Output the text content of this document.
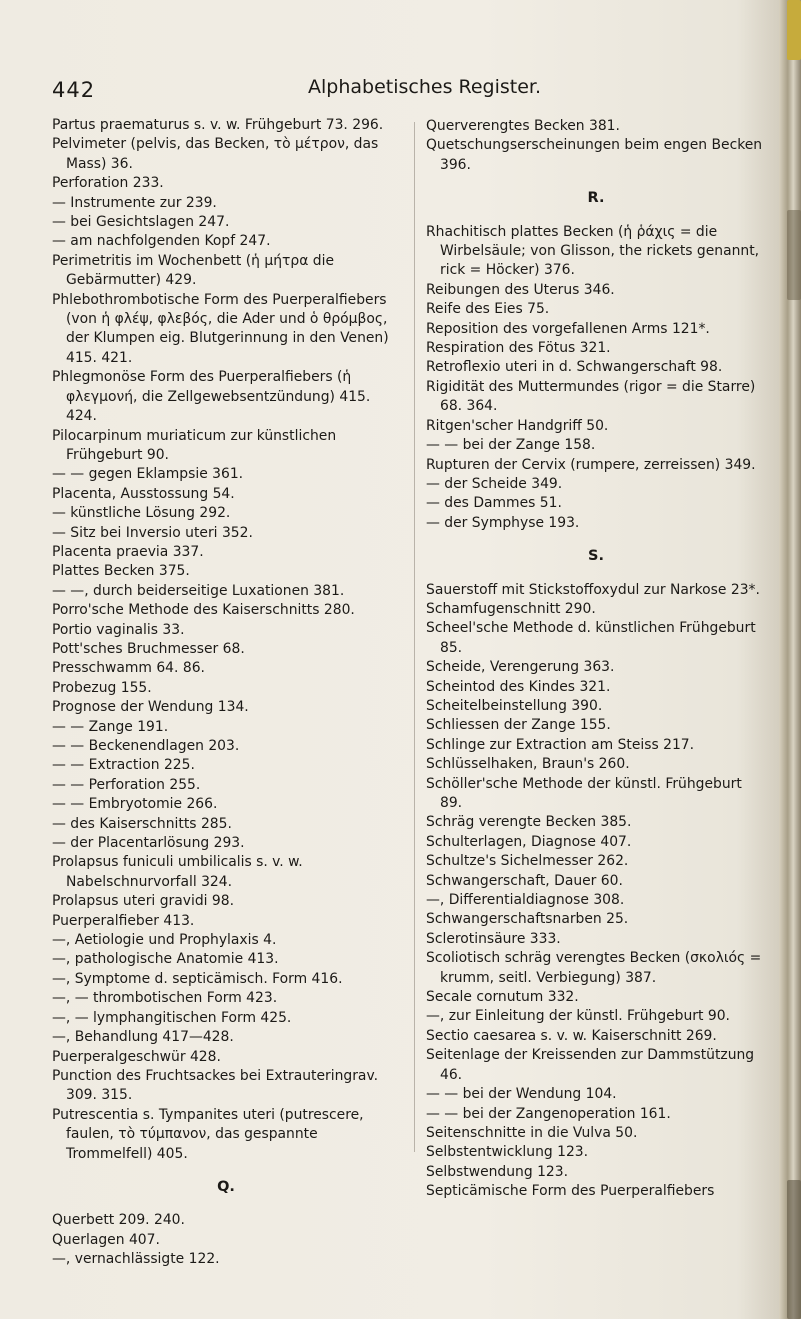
442	Alphabetisches Register.
Partus praematurus s. v. w. Frühgeburt 73. 296.
Pelvimeter (pelvis, das Becken, τὸ μέτρον, das Mass) 36.
Perforation 233.
— Instrumente zur 239.
— bei Gesichtslagen 247.
— am nachfolgenden Kopf 247.
Perimetritis im Wochenbett (ἡ μήτρα die Gebärmutter) 429.
Phlebothrombotische Form des Puerperalfiebers (von ἡ φλέψ, φλεβός, die Ader und ὁ θρόμβος, der Klumpen eig. Blutgerinnung in den Venen) 415. 421.
Phlegmonöse Form des Puerperalfiebers (ἡ φλεγμονή, die Zellgewebsentzündung) 415. 424.
Pilocarpinum muriaticum zur künstlichen Frühgeburt 90.
— — gegen Eklampsie 361.
Placenta, Ausstossung 54.
— künstliche Lösung 292.
— Sitz bei Inversio uteri 352.
Placenta praevia 337.
Plattes Becken 375.
— —, durch beiderseitige Luxationen 381.
Porro'sche Methode des Kaiserschnitts 280.
Portio vaginalis 33.
Pott'sches Bruchmesser 68.
Presschwamm 64. 86.
Probezug 155.
Prognose der Wendung 134.
— — Zange 191.
— — Beckenendlagen 203.
— — Extraction 225.
— — Perforation 255.
— — Embryotomie 266.
— des Kaiserschnitts 285.
— der Placentarlösung 293.
Prolapsus funiculi umbilicalis s. v. w. Nabelschnurvorfall 324.
Prolapsus uteri gravidi 98.
Puerperalfieber 413.
—, Aetiologie und Prophylaxis 4.
—, pathologische Anatomie 413.
—, Symptome d. septicämisch. Form 416.
—, — thrombotischen Form 423.
—, — lymphangitischen Form 425.
—, Behandlung 417—428.
Puerperalgeschwür 428.
Punction des Fruchtsackes bei Extrauteringrav. 309. 315.
Putrescentia s. Tympanites uteri (putrescere, faulen, τὸ τύμπανον, das gespannte Trommelfell) 405.
Q.
Querbett 209. 240.
Querlagen 407.
—, vernachlässigte 122.
Querverengtes Becken 381.
Quetschungserscheinungen beim engen Becken 396.
R.
Rhachitisch plattes Becken (ἡ ῥάχις = die Wirbelsäule; von Glisson, the rickets genannt, rick = Höcker) 376.
Reibungen des Uterus 346.
Reife des Eies 75.
Reposition des vorgefallenen Arms 121*.
Respiration des Fötus 321.
Retroflexio uteri in d. Schwangerschaft 98.
Rigidität des Muttermundes (rigor = die Starre) 68. 364.
Ritgen'scher Handgriff 50.
— — bei der Zange 158.
Rupturen der Cervix (rumpere, zerreissen) 349.
— der Scheide 349.
— des Dammes 51.
— der Symphyse 193.
S.
Sauerstoff mit Stickstoffoxydul zur Narkose 23*.
Schamfugenschnitt 290.
Scheel'sche Methode d. künstlichen Frühgeburt 85.
Scheide, Verengerung 363.
Scheintod des Kindes 321.
Scheitelbeinstellung 390.
Schliessen der Zange 155.
Schlinge zur Extraction am Steiss 217.
Schlüsselhaken, Braun's 260.
Schöller'sche Methode der künstl. Frühgeburt 89.
Schräg verengte Becken 385.
Schulterlagen, Diagnose 407.
Schultze's Sichelmesser 262.
Schwangerschaft, Dauer 60.
—, Differentialdiagnose 308.
Schwangerschaftsnarben 25.
Sclerotinsäure 333.
Scoliotisch schräg verengtes Becken (σκολιός = krumm, seitl. Verbiegung) 387.
Secale cornutum 332.
—, zur Einleitung der künstl. Frühgeburt 90.
Sectio caesarea s. v. w. Kaiserschnitt 269.
Seitenlage der Kreissenden zur Dammstützung 46.
— — bei der Wendung 104.
— — bei der Zangenoperation 161.
Seitenschnitte in die Vulva 50.
Selbstentwicklung 123.
Selbstwendung 123.
Septicämische Form des Puerperalfiebers
